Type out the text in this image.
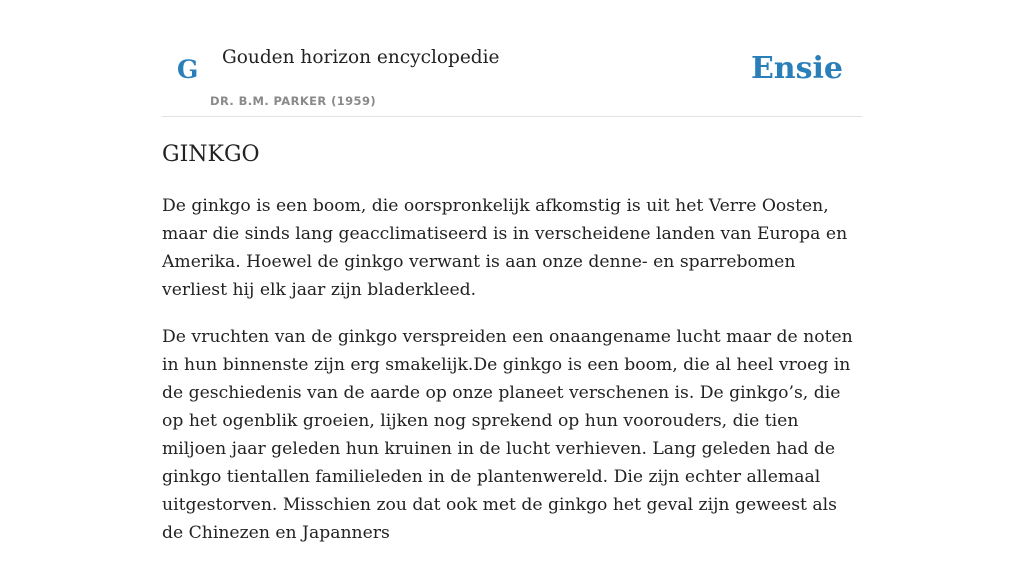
G Gouden horizon encyclopedie
DR. B.M. PARKER (1959)
Ensie
GINKGO

De ginkgo is een boom, die oorspronkelijk afkomstig is uit het Verre Oosten, maar die sinds lang geacclimatiseerd is in verscheidene landen van Europa en Amerika. Hoewel de ginkgo verwant is aan onze denne- en sparrebomen verliest hij elk jaar zijn bladerkleed.

De vruchten van de ginkgo verspreiden een onaangename lucht maar de noten in hun binnenste zijn erg smakelijk.De ginkgo is een boom, die al heel vroeg in de geschiedenis van de aarde op onze planeet verschenen is. De ginkgo’s, die op het ogenblik groeien, lijken nog sprekend op hun voorouders, die tien miljoen jaar geleden hun kruinen in de lucht verhieven. Lang geleden had de ginkgo tientallen familieleden in de plantenwereld. Die zijn echter allemaal uitgestorven. Misschien zou dat ook met de ginkgo het geval zijn geweest als de Chinezen en Japanners
